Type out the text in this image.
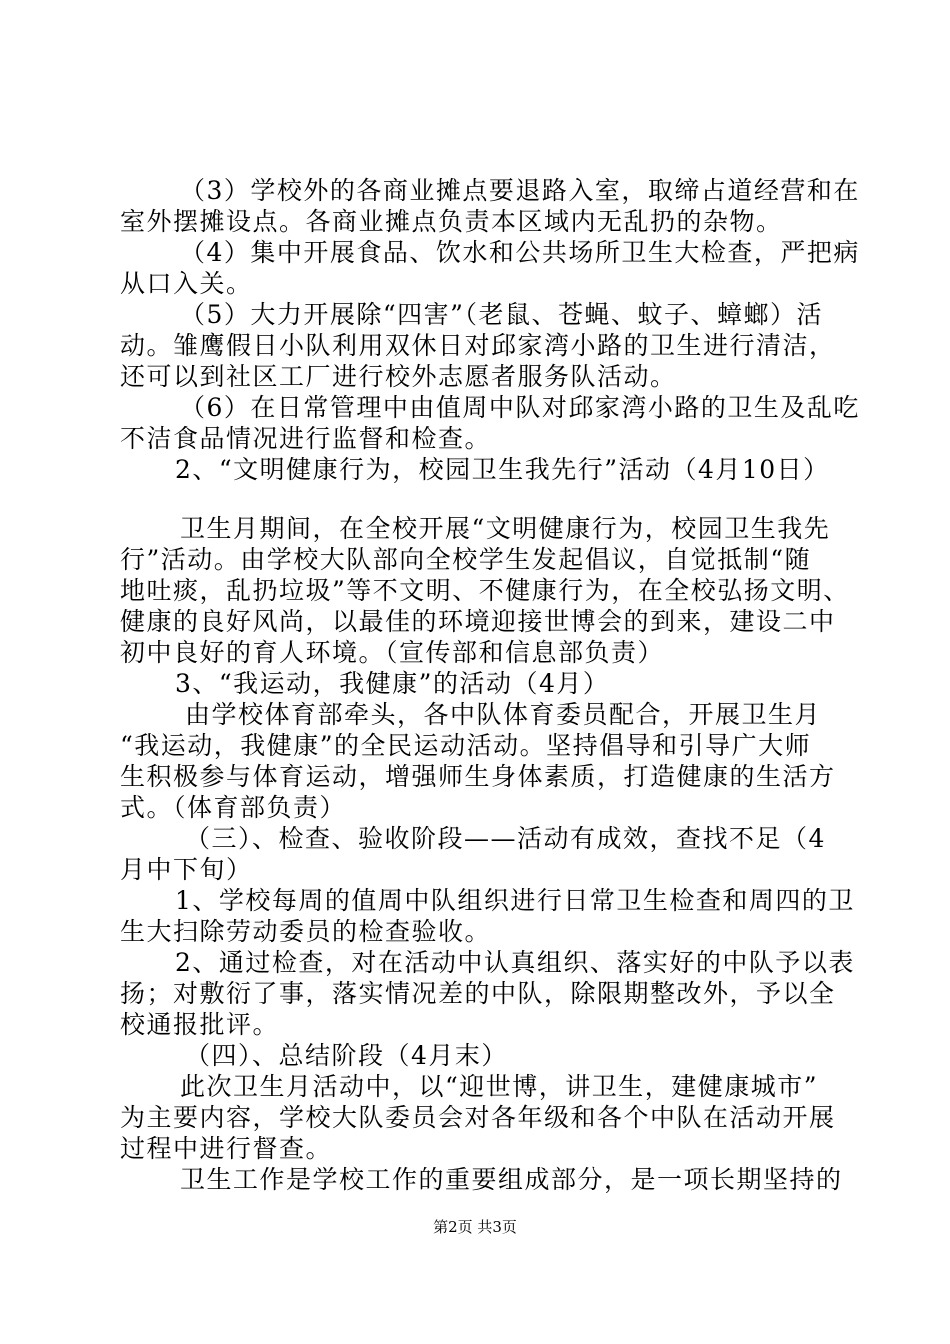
（3）学校外的各商业摊点要退路入室，取缔占道经营和在
室外摆摊设点。各商业摊点负责本区域内无乱扔的杂物。
（4）集中开展食品、饮水和公共场所卫生大检查，严把病
从口入关。
（5）大力开展除“四害”（老鼠、苍蝇、蚊子、蟑螂）活
动。雏鹰假日小队利用双休日对邱家湾小路的卫生进行清洁，
还可以到社区工厂进行校外志愿者服务队活动。
（6）在日常管理中由值周中队对邱家湾小路的卫生及乱吃
不洁食品情况进行监督和检查。
2、“文明健康行为，校园卫生我先行”活动（4月10日）
卫生月期间，在全校开展“文明健康行为，校园卫生我先
行”活动。由学校大队部向全校学生发起倡议，自觉抵制“随
地吐痰，乱扔垃圾”等不文明、不健康行为，在全校弘扬文明、
健康的良好风尚，以最佳的环境迎接世博会的到来，建设二中
初中良好的育人环境。（宣传部和信息部负责）
3、“我运动，我健康”的活动（4月）
由学校体育部牵头，各中队体育委员配合，开展卫生月
“我运动，我健康”的全民运动活动。坚持倡导和引导广大师
生积极参与体育运动，增强师生身体素质，打造健康的生活方
式。（体育部负责）
（三）、检查、验收阶段——活动有成效，查找不足（4
月中下旬）
1、学校每周的值周中队组织进行日常卫生检查和周四的卫
生大扫除劳动委员的检查验收。
2、通过检查，对在活动中认真组织、落实好的中队予以表
扬；对敷衍了事，落实情况差的中队，除限期整改外，予以全
校通报批评。
（四）、总结阶段（4月末）
此次卫生月活动中，以“迎世博，讲卫生，建健康城市”
为主要内容，学校大队委员会对各年级和各个中队在活动开展
过程中进行督查。
卫生工作是学校工作的重要组成部分，是一项长期坚持的
第2页 共3页
